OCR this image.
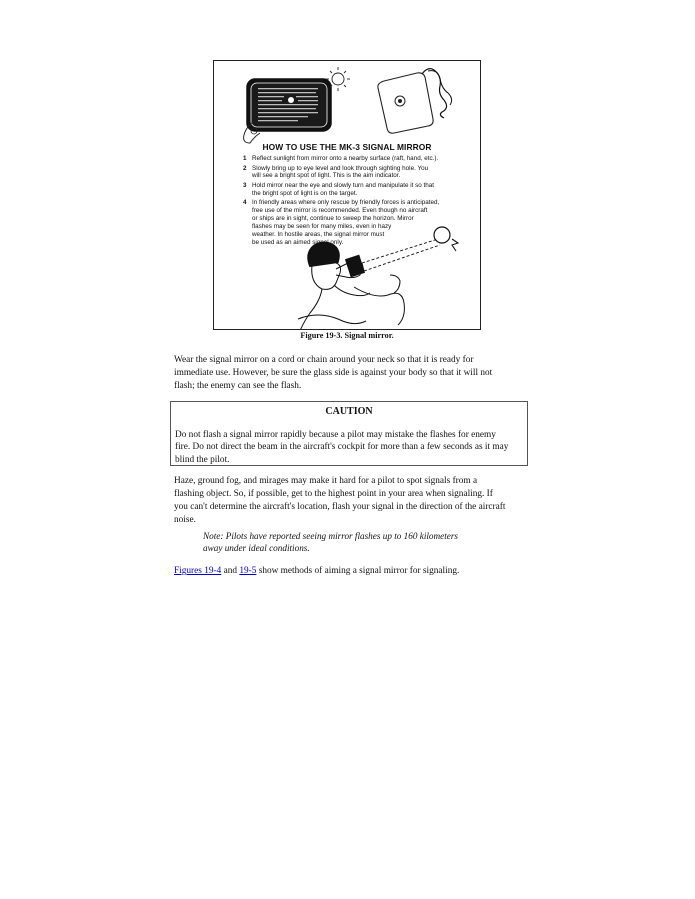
HOW TO USE THE MK-3 SIGNAL MIRROR
1 Reflect sunlight from mirror onto a nearby surface (raft, hand, etc.).
2 Slowly bring up to eye level and look through sighting hole. You
will see a bright spot of light. This is the aim indicator.
3 Hold mirror near the eye and slowly turn and manipulate it so that
the bright spot of light is on the target.
4 In friendly areas where only rescue by friendly forces is anticipated,
free use of the mirror is recommended. Even though no aircraft
or ships are in sight, continue to sweep the horizon. Mirror
flashes may be seen for many miles, even in hazy
weather. In hostile areas, the signal mirror must
be used as an aimed signal only.
Figure 19-3. Signal mirror.

Wear the signal mirror on a cord or chain around your neck so that it is ready for
immediate use. However, be sure the glass side is against your body so that it will not
flash; the enemy can see the flash.

CAUTION

Do not flash a signal mirror rapidly because a pilot may mistake the flashes for enemy
fire. Do not direct the beam in the aircraft's cockpit for more than a few seconds as it may
blind the pilot.

Haze, ground fog, and mirages may make it hard for a pilot to spot signals from a
flashing object. So, if possible, get to the highest point in your area when signaling. If
you can't determine the aircraft's location, flash your signal in the direction of the aircraft
noise.

Note: Pilots have reported seeing mirror flashes up to 160 kilometers
away under ideal conditions.

Figures 19-4 and 19-5 show methods of aiming a signal mirror for signaling.
